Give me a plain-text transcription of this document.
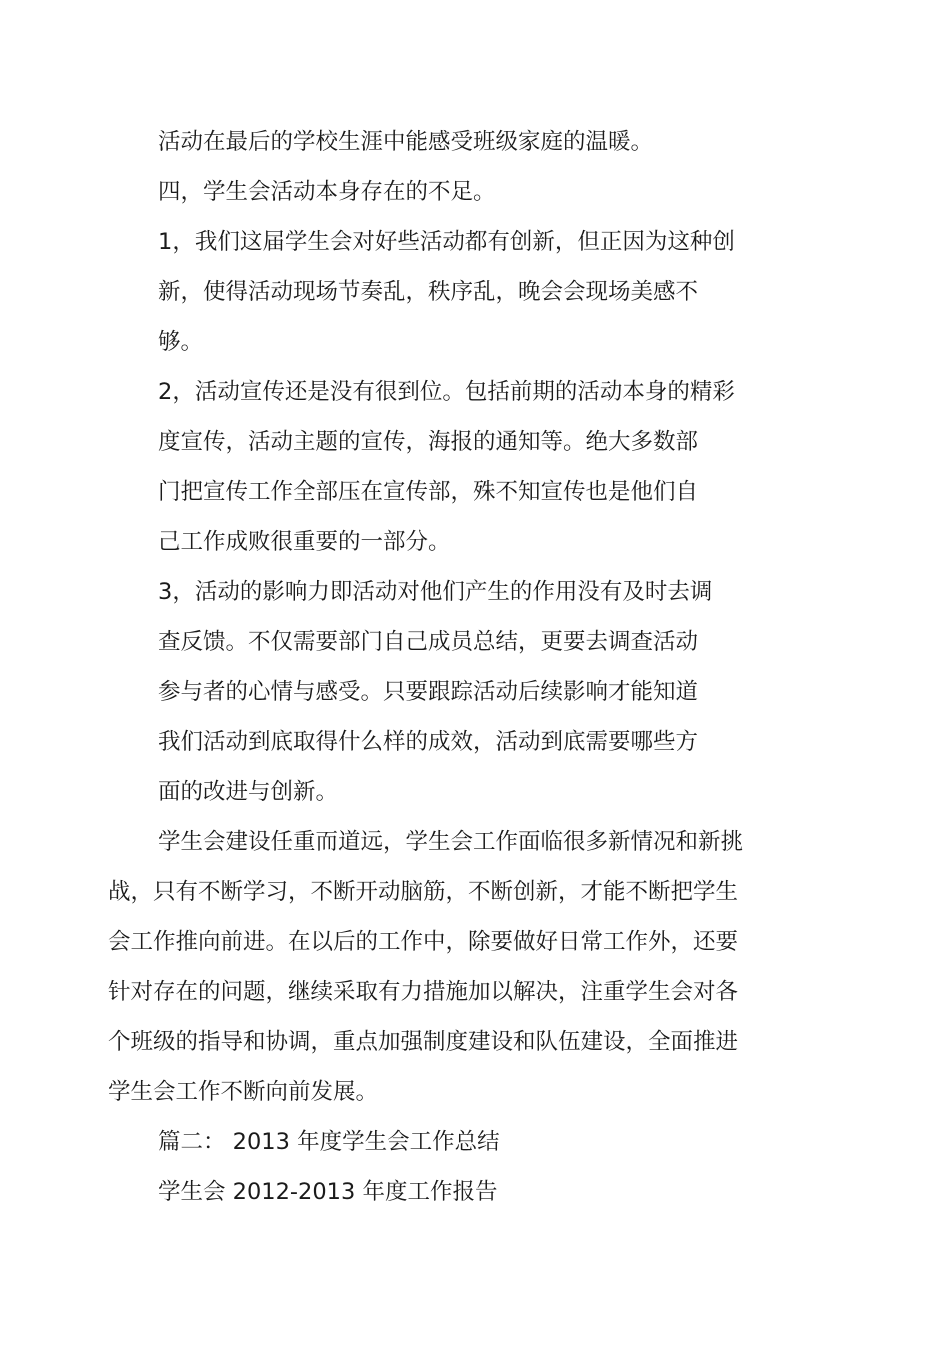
活动在最后的学校生涯中能感受班级家庭的温暖。
四，学生会活动本身存在的不足。
1，我们这届学生会对好些活动都有创新，但正因为这种创
新，使得活动现场节奏乱，秩序乱，晚会会现场美感不
够。
2，活动宣传还是没有很到位。包括前期的活动本身的精彩
度宣传，活动主题的宣传，海报的通知等。绝大多数部
门把宣传工作全部压在宣传部，殊不知宣传也是他们自
己工作成败很重要的一部分。
3，活动的影响力即活动对他们产生的作用没有及时去调
查反馈。不仅需要部门自己成员总结，更要去调查活动
参与者的心情与感受。只要跟踪活动后续影响才能知道
我们活动到底取得什么样的成效，活动到底需要哪些方
面的改进与创新。
学生会建设任重而道远，学生会工作面临很多新情况和新挑
战，只有不断学习，不断开动脑筋，不断创新，才能不断把学生
会工作推向前进。在以后的工作中，除要做好日常工作外，还要
针对存在的问题，继续采取有力措施加以解决，注重学生会对各
个班级的指导和协调，重点加强制度建设和队伍建设，全面推进
学生会工作不断向前发展。
篇二： 2013 年度学生会工作总结
学生会 2012-2013 年度工作报告
